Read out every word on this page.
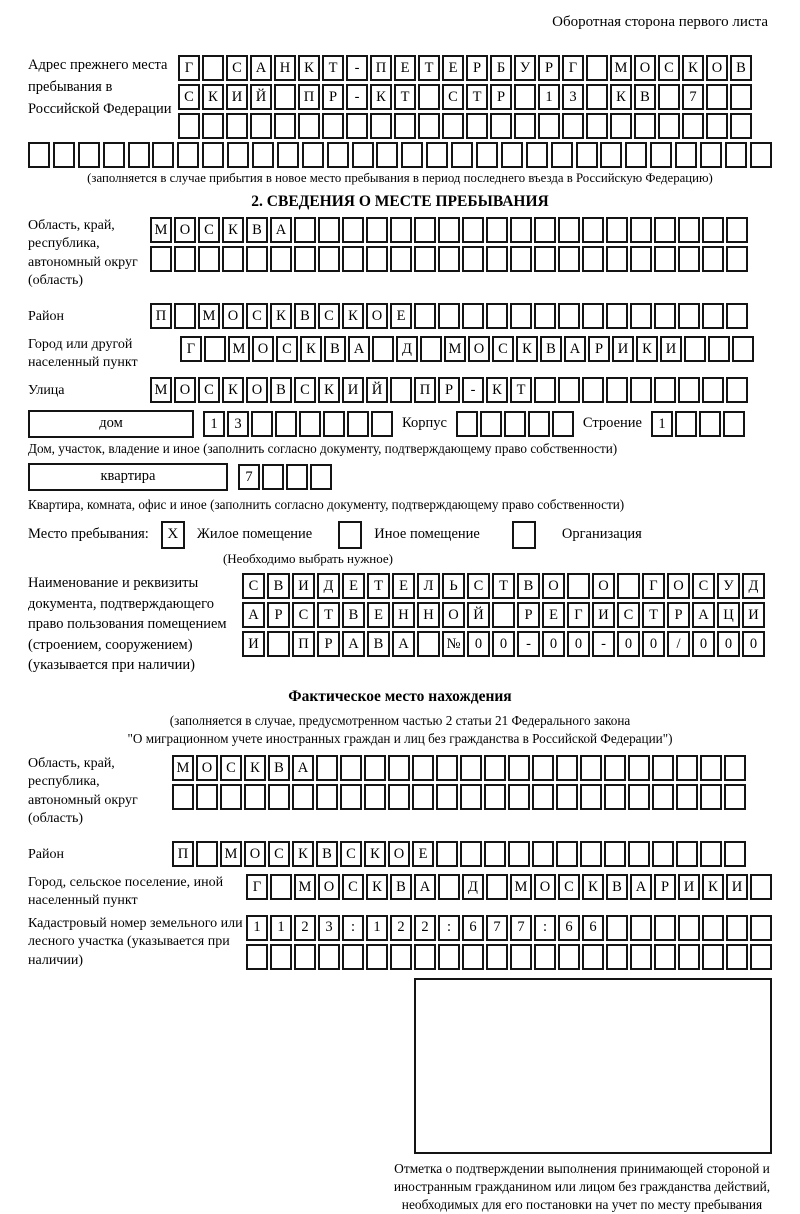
Оборотная сторона первого листа
Адрес прежнего места пребывания в Российской Федерации
Г	С А Н К	Т	-	П Е	Т	Е	Р	Б	У	Р	Г	М О С К О В
С К И Й	П	Р	-	К	Т	С	Т	Р	1	3	К В	7
(заполняется в случае прибытия в новое место пребывания в период последнего въезда в Российскую Федерацию)
2. СВЕДЕНИЯ О МЕСТЕ ПРЕБЫВАНИЯ
Область, край, республика, автономный округ (область)
М О С К В А
Район	П	М О С К В С К О Е
Город или другой населенный пункт
Г	М О С К В А	Д	М О С К В А	Р	И К И
Улица	М О С К О В С К И Й	П	Р	-	К	Т
дом	1	3	Корпус	Строение	1
Дом, участок, владение и иное (заполнить согласно документу, подтверждающему право собственности)
квартира	7
Квартира, комната, офис и иное (заполнить согласно документу, подтверждающему право собственности)
Место пребывания:	X	Жилое помещение	Иное помещение	Организация
(Необходимо выбрать нужное)
Наименование и реквизиты документа, подтверждающего право пользования помещением (строением, сооружением) (указывается при наличии)
С	В	И	Д	Е	Т	Е	Л	Ь	С	Т	В	О	О	Г	О	С	У	Д
А	Р	С	Т	В	Е	Н	Н	О	Й	Р	Е	Г	И	С	Т	Р	А	Ц	И
И	П	Р	А	В	А	№ 0	0	-	0	0	-	0	0	/	0	0	0
Фактическое место нахождения
(заполняется в случае, предусмотренном частью 2 статьи 21 Федерального закона
"О миграционном учете иностранных граждан и лиц без гражданства в Российской Федерации")
Область, край, республика, автономный округ (область)
М О С К В А
Район	П	М О С К В С К О Е
Город, сельское поселение, иной населенный пункт
Г	М О С К В А	Д	М О С К В А	Р	И К И
Кадастровый номер земельного или лесного участка (указывается при наличии)
1	1	2	3	:	1	2	2	:	6	7	7	:	6	6
Отметка о подтверждении выполнения принимающей стороной и иностранным гражданином или лицом без гражданства действий, необходимых для его постановки на учет по месту пребывания
